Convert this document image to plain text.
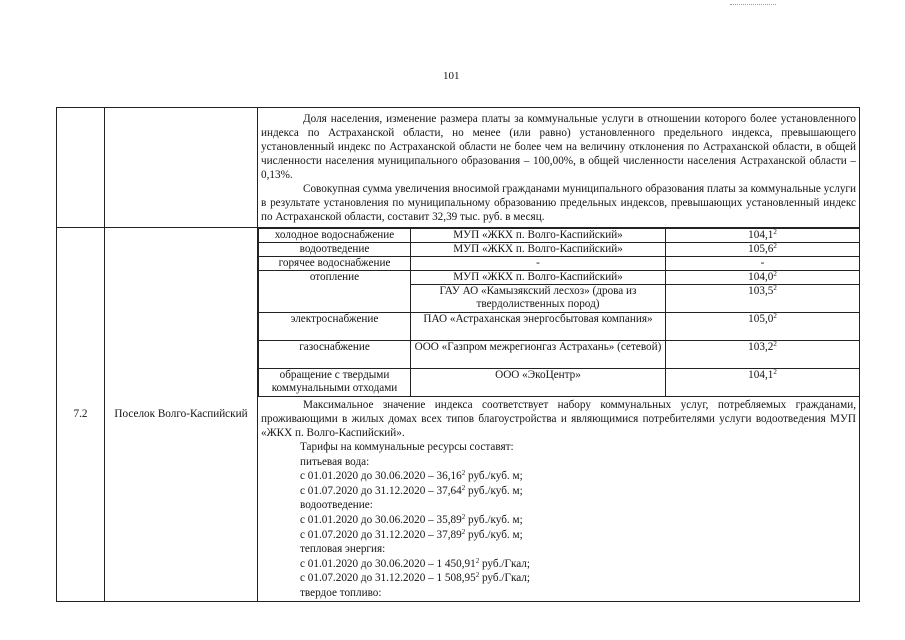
101

Доля населения, изменение размера платы за коммунальные услуги в отношении которого более установленного индекса по Астраханской области, но менее (или равно) установленного предельного индекса, превышающего установленный индекс по Астраханской области не более чем на величину отклонения по Астраханской области, в общей численности населения муниципального образования – 100,00%, в общей численности населения Астраханской области – 0,13%.

Совокупная сумма увеличения вносимой гражданами муниципального образования платы за коммунальные услуги в результате установления по муниципальному образованию предельных индексов, превышающих установленный индекс по Астраханской области, составит 32,39 тыс. руб. в месяц.

7.2	Поселок Волго-Каспийский	
холодное водоснабжение	МУП «ЖКХ п. Волго-Каспийский»	104,1$^2$
водоотведение	МУП «ЖКХ п. Волго-Каспийский»	105,6$^2$
горячее водоснабжение	-	-
отопление	МУП «ЖКХ п. Волго-Каспийский»	104,0$^2$
ГАУ АО «Камызякский лесхоз» (дрова из твердолиственных пород)	103,5$^2$
электроснабжение	ПАО «Астраханская энергосбытовая компания»	105,0$^2$
газоснабжение	ООО «Газпром межрегионгаз Астрахань» (сетевой)	103,2$^2$
обращение с твердыми коммунальными отходами	ООО «ЭкоЦентр»	104,1$^2$

Максимальное значение индекса соответствует набору коммунальных услуг, потребляемых гражданами, проживающими в жилых домах всех типов благоустройства и являющимися потребителями услуги водоотведения МУП «ЖКХ п. Волго-Каспийский».

Тарифы на коммунальные ресурсы составят:
питьевая вода:
с 01.01.2020 до 30.06.2020 – 36,16$^2$ руб./куб. м;
с 01.07.2020 до 31.12.2020 – 37,64$^2$ руб./куб. м;
водоотведение:
с 01.01.2020 до 30.06.2020 – 35,89$^2$ руб./куб. м;
с 01.07.2020 до 31.12.2020 – 37,89$^2$ руб./куб. м;
тепловая энергия:
с 01.01.2020 до 30.06.2020 – 1 450,91$^2$ руб./Гкал;
с 01.07.2020 до 31.12.2020 – 1 508,95$^2$ руб./Гкал;
твердое топливо:
